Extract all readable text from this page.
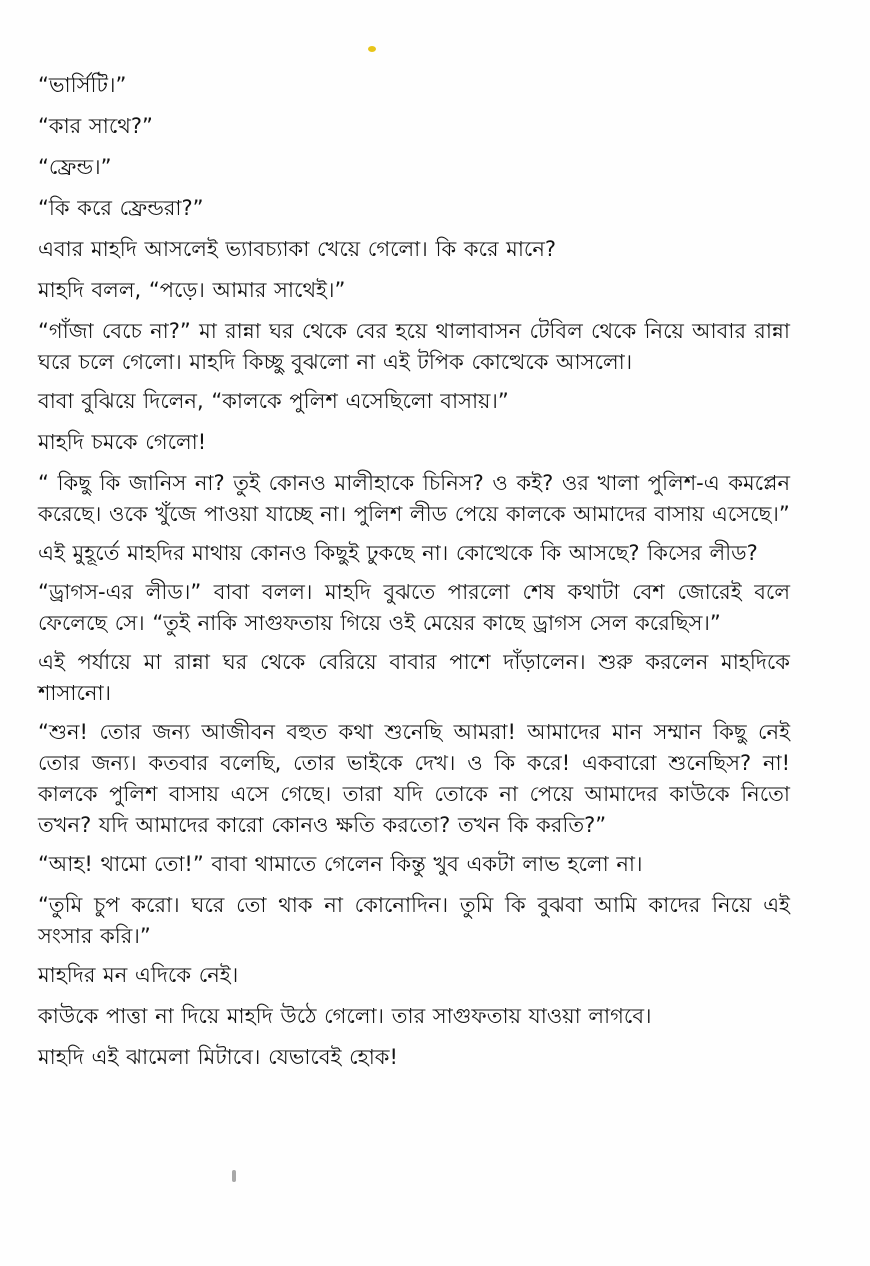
“ভার্সিটি।”

“কার সাথে?”

“ফ্রেন্ড।”

“কি করে ফ্রেন্ডরা?”

এবার মাহদি আসলেই ভ্যাবচ্যাকা খেয়ে গেলো। কি করে মানে?

মাহদি বলল, “পড়ে। আমার সাথেই।”

“গাঁজা বেচে না?” মা রান্না ঘর থেকে বের হয়ে থালাবাসন টেবিল থেকে নিয়ে আবার রান্না ঘরে চলে গেলো। মাহদি কিচ্ছু বুঝলো না এই টপিক কোত্থেকে আসলো।

বাবা বুঝিয়ে দিলেন, “কালকে পুলিশ এসেছিলো বাসায়।”

মাহদি চমকে গেলো!

“ কিছু কি জানিস না? তুই কোনও মালীহাকে চিনিস? ও কই? ওর খালা পুলিশ-এ কমপ্লেন করেছে। ওকে খুঁজে পাওয়া যাচ্ছে না। পুলিশ লীড পেয়ে কালকে আমাদের বাসায় এসেছে।”

এই মুহূর্তে মাহদির মাথায় কোনও কিছুই ঢুকছে না। কোত্থেকে কি আসছে? কিসের লীড?

“ড্রাগস-এর লীড।” বাবা বলল। মাহদি বুঝতে পারলো শেষ কথাটা বেশ জোরেই বলে ফেলেছে সে। “তুই নাকি সাগুফতায় গিয়ে ওই মেয়ের কাছে ড্রাগস সেল করেছিস।”

এই পর্যায়ে মা রান্না ঘর থেকে বেরিয়ে বাবার পাশে দাঁড়ালেন। শুরু করলেন মাহদিকে শাসানো।

“শুন! তোর জন্য আজীবন বহুত কথা শুনেছি আমরা! আমাদের মান সম্মান কিছু নেই তোর জন্য। কতবার বলেছি, তোর ভাইকে দেখ। ও কি করে! একবারো শুনেছিস? না! কালকে পুলিশ বাসায় এসে গেছে। তারা যদি তোকে না পেয়ে আমাদের কাউকে নিতো তখন? যদি আমাদের কারো কোনও ক্ষতি করতো? তখন কি করতি?”

“আহ! থামো তো!” বাবা থামাতে গেলেন কিন্তু খুব একটা লাভ হলো না।

“তুমি চুপ করো। ঘরে তো থাক না কোনোদিন। তুমি কি বুঝবা আমি কাদের নিয়ে এই সংসার করি।”

মাহদির মন এদিকে নেই।

কাউকে পাত্তা না দিয়ে মাহদি উঠে গেলো। তার সাগুফতায় যাওয়া লাগবে।

মাহদি এই ঝামেলা মিটাবে। যেভাবেই হোক!
